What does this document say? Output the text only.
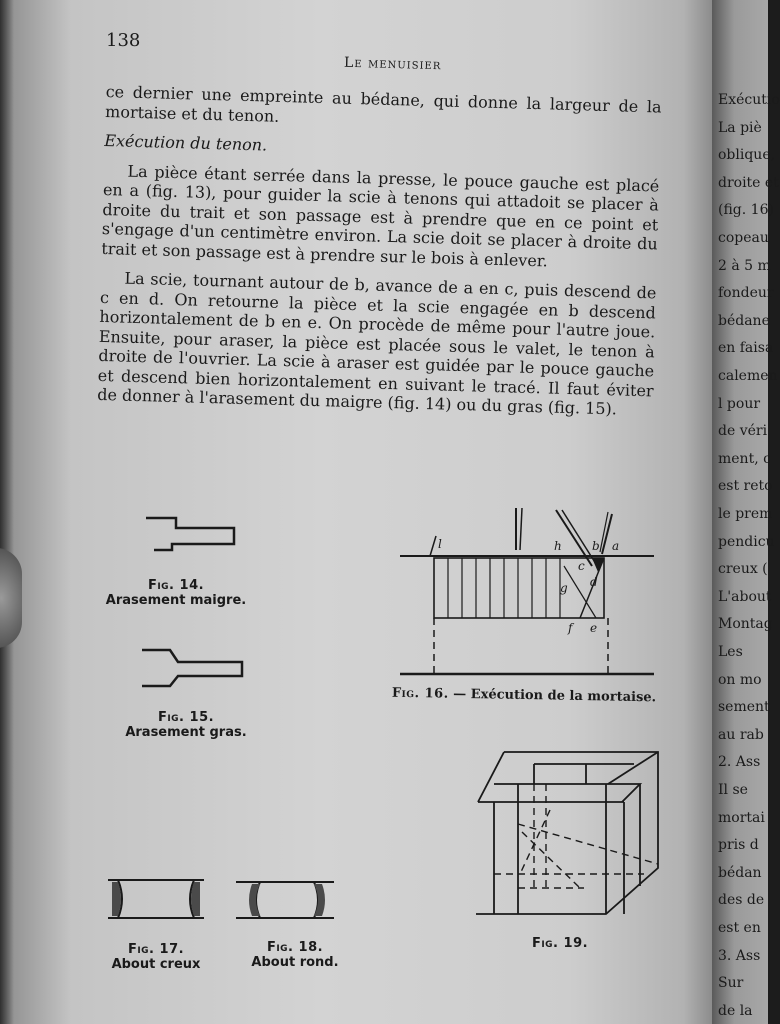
138
Le menuisier

ce dernier une empreinte au bédane, qui donne la largeur de la mortaise et du tenon.

Exécution du tenon.

La pièce étant serrée dans la presse, le pouce gauche est placé en a (fig. 13), pour guider la scie à tenons qui attadoit se placer à droite du trait et son passage est à prendre que en ce point et s'engage d'un centimètre environ. La scie doit se placer à droite du trait et son passage est à prendre sur le bois à enlever.

La scie, tournant autour de b, avance de a en c, puis descend de c en d. On retourne la pièce et la scie engagée en b descend horizontalement de b en e. On procède de même pour l'autre joue. Ensuite, pour araser, la pièce est placée sous le valet, le tenon à droite de l'ouvrier. La scie à araser est guidée par le pouce gauche et descend bien horizontalement en suivant le tracé. Il faut éviter de donner à l'arasement du maigre (fig. 14) ou du gras (fig. 15).

Fig. 14.
Arasement maigre.
Fig. 15.
Arasement gras.
l	h	b a
c
d
g
f e
Fig. 16. — Exécution de la mortaise.
Fig. 17.
About creux
Fig. 18.
About rond.
Fig. 19.
Exécutio
La piè
oblique,
droite et
(fig. 16)
copeau
2 à 5 m
fondeur
bédane
en faisa
calemen
l pour
de véri
ment, c
est reto
le prem
pendicu
creux (
L'about
Montag
Les
on mo
sement
au rab
2. Ass
Il se
mortai
pris d
bédan
des de
est en
3. Ass
Sur
de la
